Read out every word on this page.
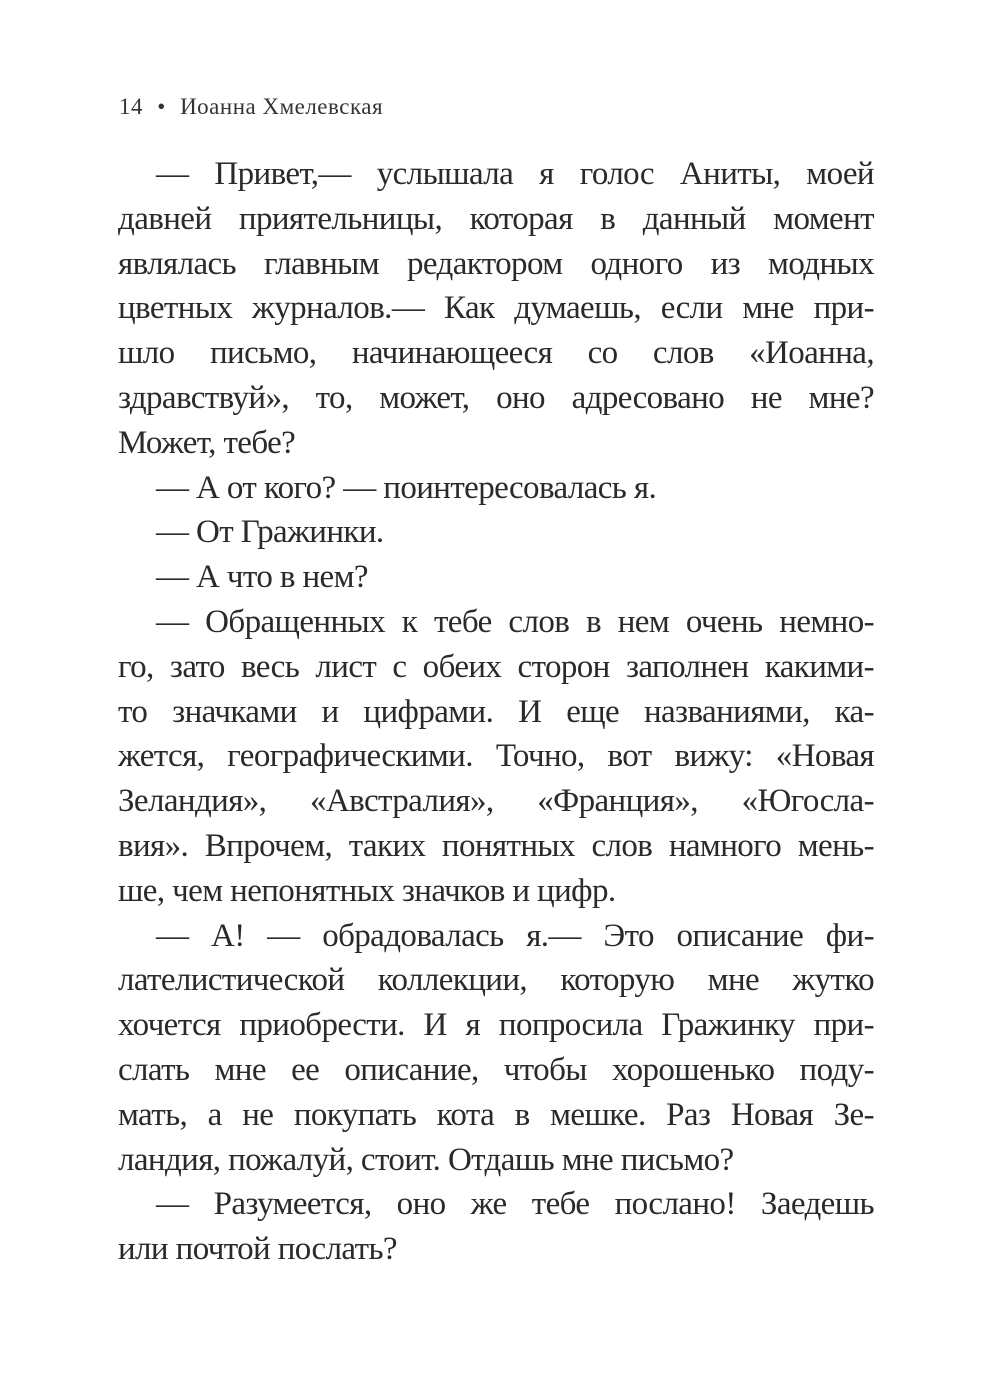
14 • Иоанна Хмелевская
— Привет,— услышала я голос Аниты, моей
давней приятельницы, которая в данный момент
являлась главным редактором одного из модных
цветных журналов.— Как думаешь, если мне при-
шло письмо, начинающееся со слов «Иоанна,
здравствуй», то, может, оно адресовано не мне?
Может, тебе?
— А от кого? — поинтересовалась я.
— От Гражинки.
— А что в нем?
— Обращенных к тебе слов в нем очень немно-
го, зато весь лист с обеих сторон заполнен какими-
то значками и цифрами. И еще названиями, ка-
жется, географическими. Точно, вот вижу: «Новая
Зеландия», «Австралия», «Франция», «Югосла-
вия». Впрочем, таких понятных слов намного мень-
ше, чем непонятных значков и цифр.
— А! — обрадовалась я.— Это описание фи-
лателистической коллекции, которую мне жутко
хочется приобрести. И я попросила Гражинку при-
слать мне ее описание, чтобы хорошенько поду-
мать, а не покупать кота в мешке. Раз Новая Зе-
ландия, пожалуй, стоит. Отдашь мне письмо?
— Разумеется, оно же тебе послано! Заедешь
или почтой послать?
